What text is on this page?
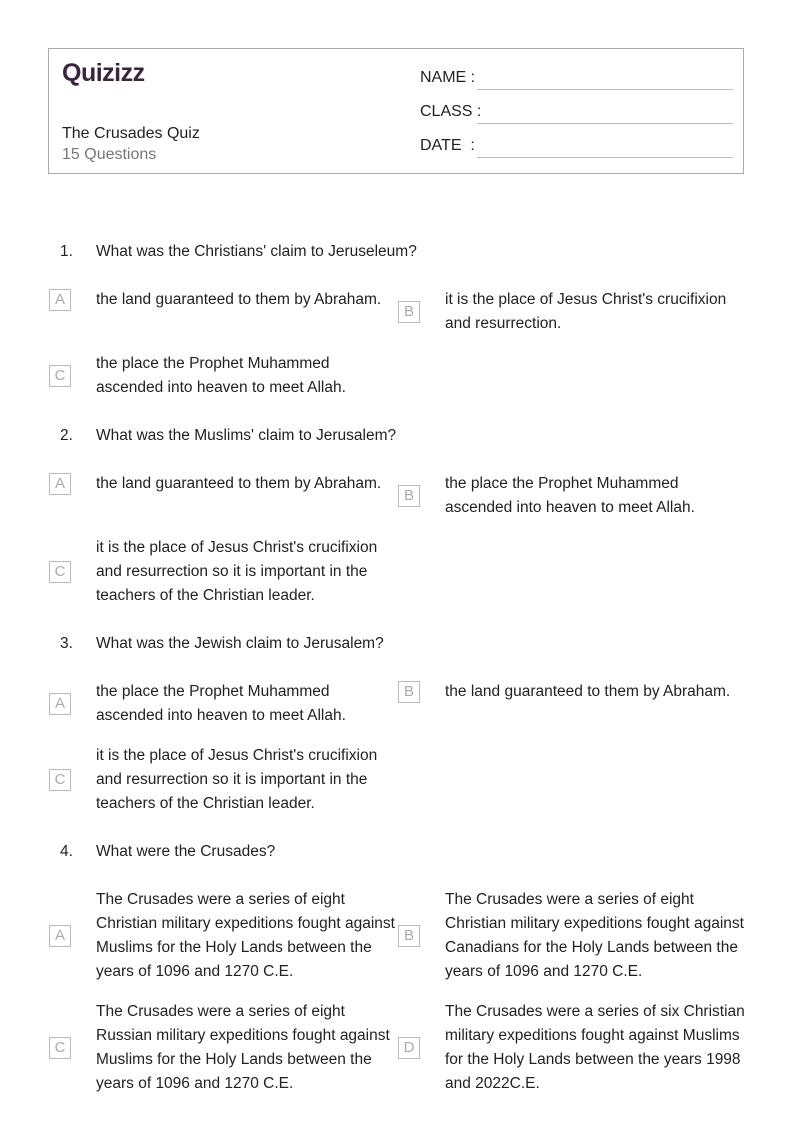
Quizizz
The Crusades Quiz
15 Questions
NAME :
CLASS :
DATE  :
1.	What was the Christians' claim to Jeruseleum?
A	the land guaranteed to them by Abraham.
B
it is the place of Jesus Christ's crucifixion and resurrection.
C
the place the Prophet Muhammed ascended into heaven to meet Allah.
2.	What was the Muslims' claim to Jerusalem?
A	the land guaranteed to them by Abraham.
B
the place the Prophet Muhammed ascended into heaven to meet Allah.
C
it is the place of Jesus Christ's crucifixion and resurrection so it is important in the teachers of the Christian leader.
3.	What was the Jewish claim to Jerusalem?
A
the place the Prophet Muhammed ascended into heaven to meet Allah.
B	the land guaranteed to them by Abraham.
C
it is the place of Jesus Christ's crucifixion and resurrection so it is important in the teachers of the Christian leader.
4.	What were the Crusades?
A
The Crusades were a series of eight Christian military expeditions fought against Muslims for the Holy Lands between the years of 1096 and 1270 C.E.
B
The Crusades were a series of eight Christian military expeditions fought against Canadians for the Holy Lands between the years of 1096 and 1270 C.E.
C
The Crusades were a series of eight Russian military expeditions fought against Muslims for the Holy Lands between the years of 1096 and 1270 C.E.
D
The Crusades were a series of six Christian military expeditions fought against Muslims for the Holy Lands between the years 1998 and 2022C.E.
